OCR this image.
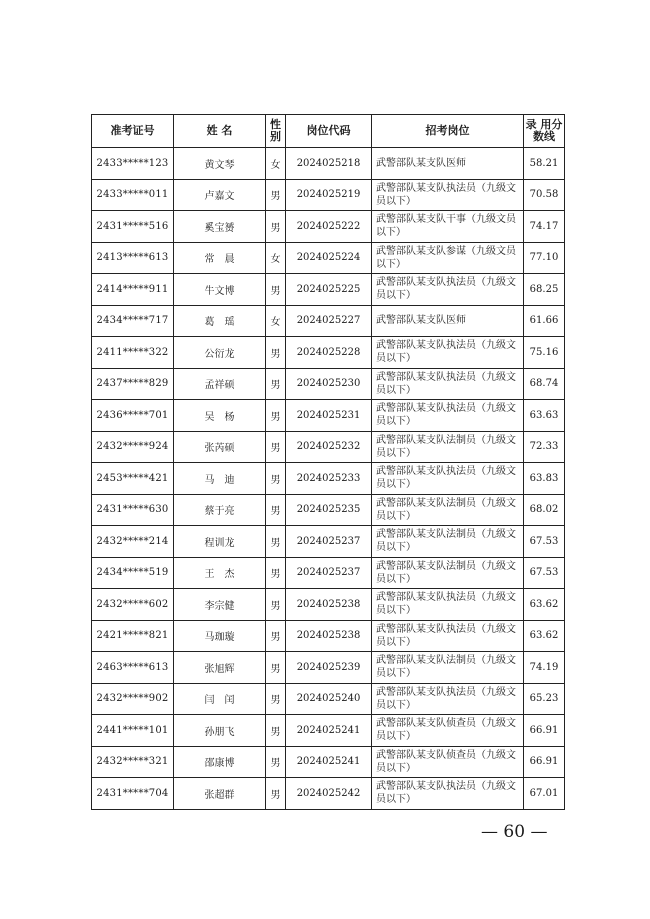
准考证号	姓 名	性别	岗位代码	招考岗位	录 用分数线
2433*****123	黄文琴	女	2024025218	武警部队某支队医师	58.21
2433*****011	卢嘉文	男	2024025219	武警部队某支队执法员（九级文员以下）	70.58
2431*****516	奚宝赟	男	2024025222	武警部队某支队干事（九级文员以下）	74.17
2413*****613	常　晨	女	2024025224	武警部队某支队参谋（九级文员以下）	77.10
2414*****911	牛文博	男	2024025225	武警部队某支队执法员（九级文员以下）	68.25
2434*****717	葛　瑶	女	2024025227	武警部队某支队医师	61.66
2411*****322	公衍龙	男	2024025228	武警部队某支队执法员（九级文员以下）	75.16
2437*****829	孟祥硕	男	2024025230	武警部队某支队执法员（九级文员以下）	68.74
2436*****701	吴　杨	男	2024025231	武警部队某支队执法员（九级文员以下）	63.63
2432*****924	张芮硕	男	2024025232	武警部队某支队法制员（九级文员以下）	72.33
2453*****421	马　迪	男	2024025233	武警部队某支队执法员（九级文员以下）	63.83
2431*****630	蔡于亮	男	2024025235	武警部队某支队法制员（九级文员以下）	68.02
2432*****214	程训龙	男	2024025237	武警部队某支队法制员（九级文员以下）	67.53
2434*****519	王　杰	男	2024025237	武警部队某支队法制员（九级文员以下）	67.53
2432*****602	李宗健	男	2024025238	武警部队某支队执法员（九级文员以下）	63.62
2421*****821	马珈璇	男	2024025238	武警部队某支队执法员（九级文员以下）	63.62
2463*****613	张旭辉	男	2024025239	武警部队某支队法制员（九级文员以下）	74.19
2432*****902	闫　闰	男	2024025240	武警部队某支队执法员（九级文员以下）	65.23
2441*****101	孙朋飞	男	2024025241	武警部队某支队侦查员（九级文员以下）	66.91
2432*****321	邵康博	男	2024025241	武警部队某支队侦查员（九级文员以下）	66.91
2431*****704	张超群	男	2024025242	武警部队某支队执法员（九级文员以下）	67.01
— 60 —
